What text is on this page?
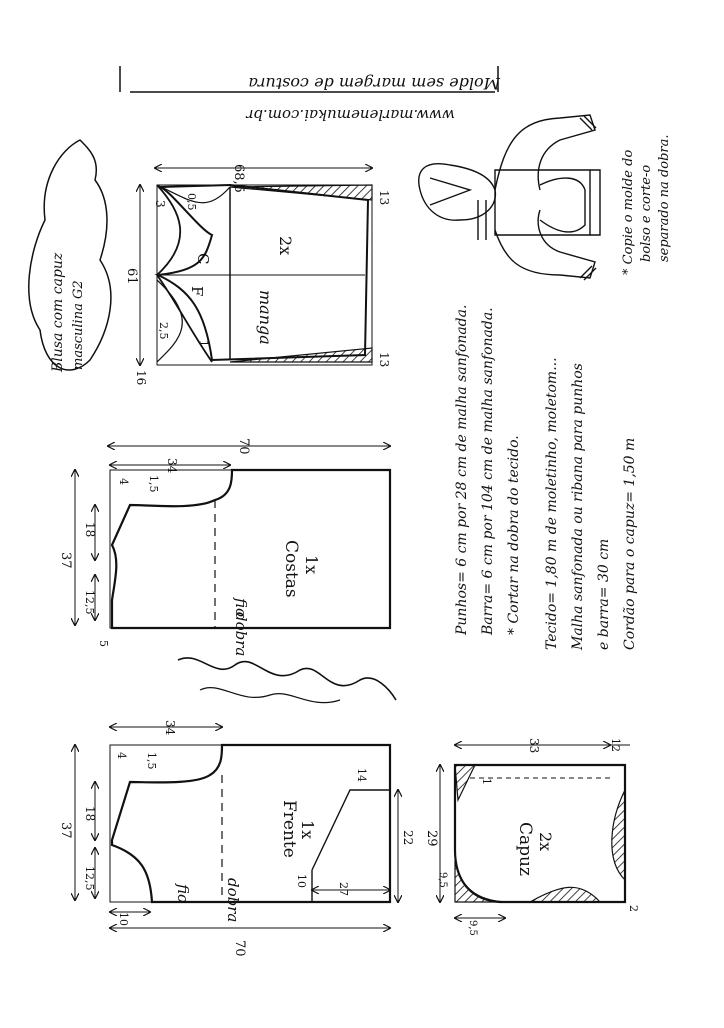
Molde sem margem de costura
www.marlenemukai.com.br
Blusa com capuz masculina G2
68,5
61
13
13
16
3 0,5
2,5
1
F
C
2x
manga
* Copie o molde do bolso e corte-o separado na dobra.
70
34
37
18
12,5
4 1,5
5
Costas 1x
dobra
fio
34
70
37
18
12,5
4 1,5
10
10
27
14
22
Frente 1x
dobra
fio
33	12
29
9,5
9,5
2
1
Capuz 2x
Punhos= 6 cm por 28 cm de malha sanfonada. Barra= 6 cm por 104 cm de malha sanfonada. * Cortar na dobra do tecido. Tecido= 1,80 m de moletinho, moletom... Malha sanfonada ou ribana para punhos e barra= 30 cm Cordão para o capuz= 1,50 m
